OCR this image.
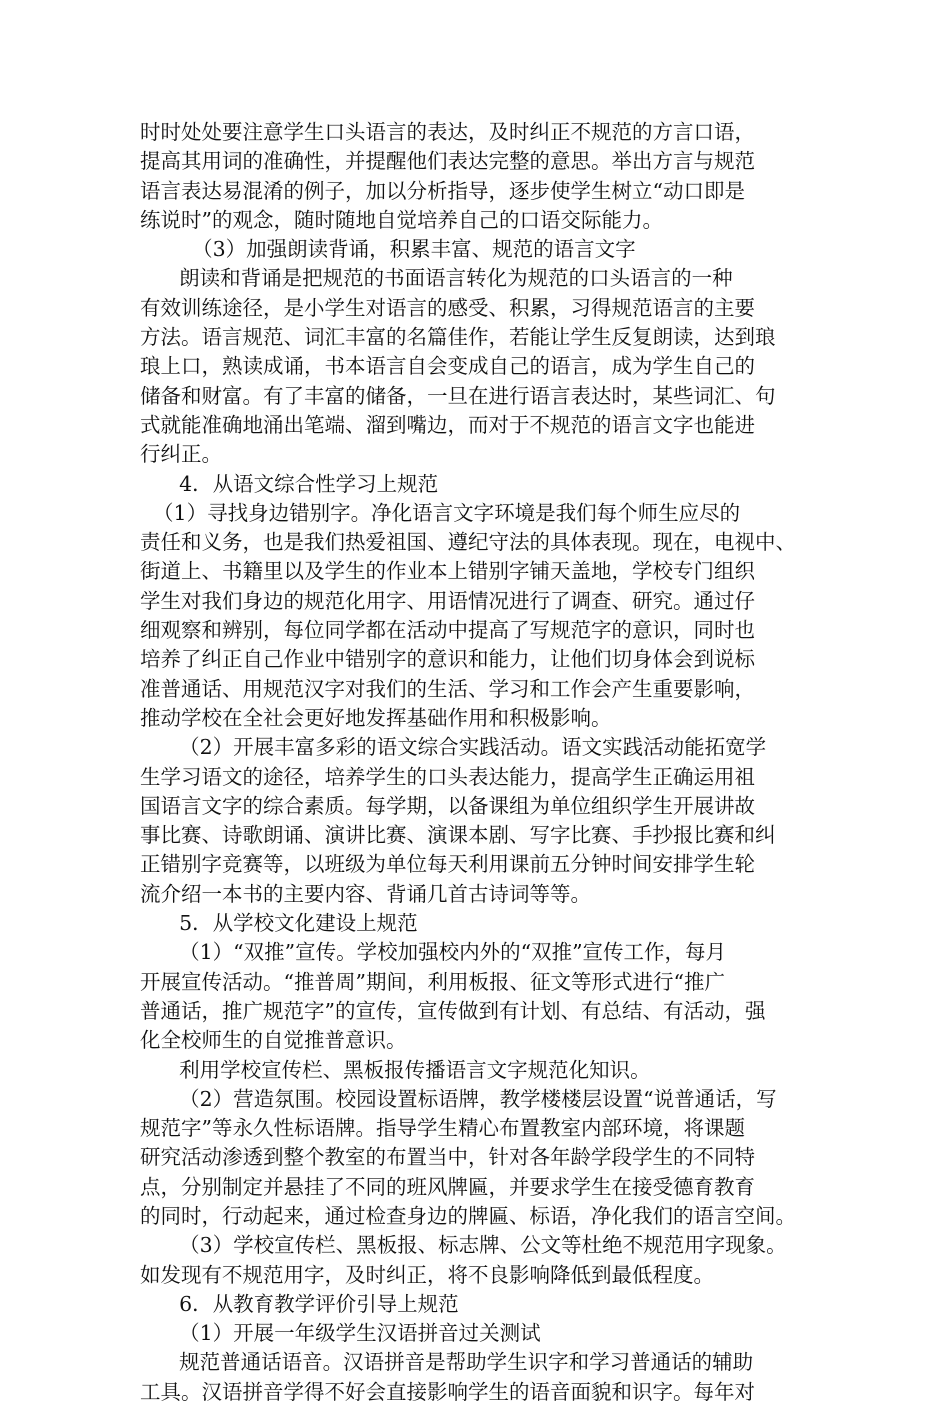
时时处处要注意学生口头语言的表达，及时纠正不规范的方言口语，
提高其用词的准确性，并提醒他们表达完整的意思。举出方言与规范
语言表达易混淆的例子，加以分析指导，逐步使学生树立“动口即是
练说时”的观念，随时随地自觉培养自己的口语交际能力。
（3）加强朗读背诵，积累丰富、规范的语言文字
朗读和背诵是把规范的书面语言转化为规范的口头语言的一种
有效训练途径，是小学生对语言的感受、积累，习得规范语言的主要
方法。语言规范、词汇丰富的名篇佳作，若能让学生反复朗读，达到琅
琅上口，熟读成诵，书本语言自会变成自己的语言，成为学生自己的
储备和财富。有了丰富的储备，一旦在进行语言表达时，某些词汇、句
式就能准确地涌出笔端、溜到嘴边，而对于不规范的语言文字也能进
行纠正。
4．从语文综合性学习上规范
（1）寻找身边错别字。净化语言文字环境是我们每个师生应尽的
责任和义务，也是我们热爱祖国、遵纪守法的具体表现。现在，电视中、
街道上、书籍里以及学生的作业本上错别字铺天盖地，学校专门组织
学生对我们身边的规范化用字、用语情况进行了调查、研究。通过仔
细观察和辨别，每位同学都在活动中提高了写规范字的意识，同时也
培养了纠正自己作业中错别字的意识和能力，让他们切身体会到说标
准普通话、用规范汉字对我们的生活、学习和工作会产生重要影响，
推动学校在全社会更好地发挥基础作用和积极影响。
（2）开展丰富多彩的语文综合实践活动。语文实践活动能拓宽学
生学习语文的途径，培养学生的口头表达能力，提高学生正确运用祖
国语言文字的综合素质。每学期，以备课组为单位组织学生开展讲故
事比赛、诗歌朗诵、演讲比赛、演课本剧、写字比赛、手抄报比赛和纠
正错别字竞赛等，以班级为单位每天利用课前五分钟时间安排学生轮
流介绍一本书的主要内容、背诵几首古诗词等等。
5．从学校文化建设上规范
（1）“双推”宣传。学校加强校内外的“双推”宣传工作，每月
开展宣传活动。“推普周”期间，利用板报、征文等形式进行“推广
普通话，推广规范字”的宣传，宣传做到有计划、有总结、有活动，强
化全校师生的自觉推普意识。
利用学校宣传栏、黑板报传播语言文字规范化知识。
（2）营造氛围。校园设置标语牌，教学楼楼层设置“说普通话，写
规范字”等永久性标语牌。指导学生精心布置教室内部环境，将课题
研究活动渗透到整个教室的布置当中，针对各年龄学段学生的不同特
点，分别制定并悬挂了不同的班风牌匾，并要求学生在接受德育教育
的同时，行动起来，通过检查身边的牌匾、标语，净化我们的语言空间。
（3）学校宣传栏、黑板报、标志牌、公文等杜绝不规范用字现象。
如发现有不规范用字，及时纠正，将不良影响降低到最低程度。
6．从教育教学评价引导上规范
（1）开展一年级学生汉语拼音过关测试
规范普通话语音。汉语拼音是帮助学生识字和学习普通话的辅助
工具。汉语拼音学得不好会直接影响学生的语音面貌和识字。每年对
